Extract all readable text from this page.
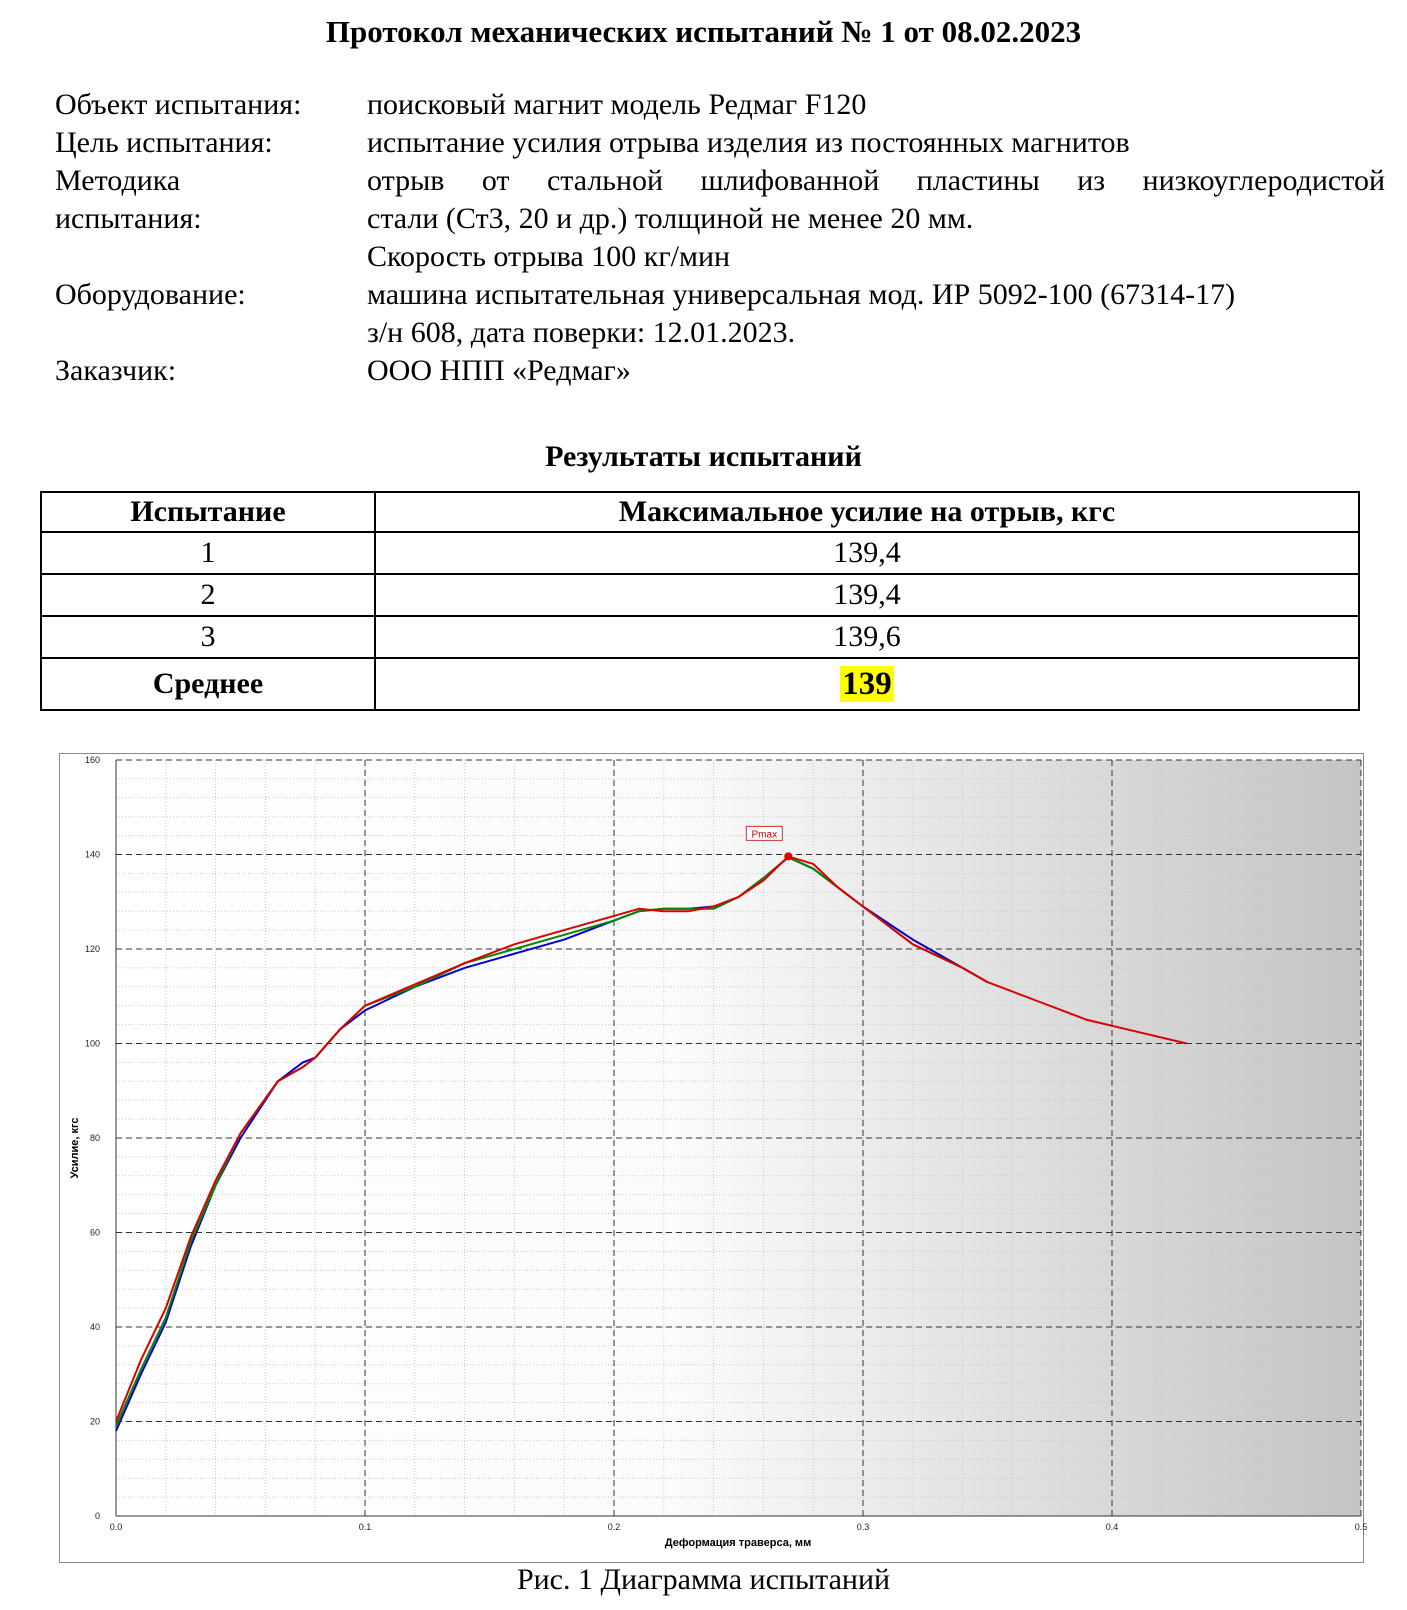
Протокол механических испытаний № 1 от 08.02.2023
Объект испытания:	поисковый магнит модель Редмаг F120
Цель испытания:	испытание усилия отрыва изделия из постоянных магнитов
Методика
испытания:
отрыв от стальной шлифованной пластины из низкоуглеродистой
стали (Ст3, 20 и др.) толщиной не менее 20 мм.
Скорость отрыва 100 кг/мин
Оборудование:	машина испытательная универсальная мод. ИР 5092-100 (67314-17)
з/н 608, дата поверки: 12.01.2023.
Заказчик:	ООО НПП «Редмаг»
Результаты испытаний
Испытание	Максимальное усилие на отрыв, кгс
1	139,4
2	139,4
3	139,6
Среднее	139
0.0	0.1	0.2	0.3	0.4	0.5
0
20
40
60
80
100
120
140
160
Pmax
Деформация траверса, мм
Усилие, кгс
Рис. 1 Диаграмма испытаний
